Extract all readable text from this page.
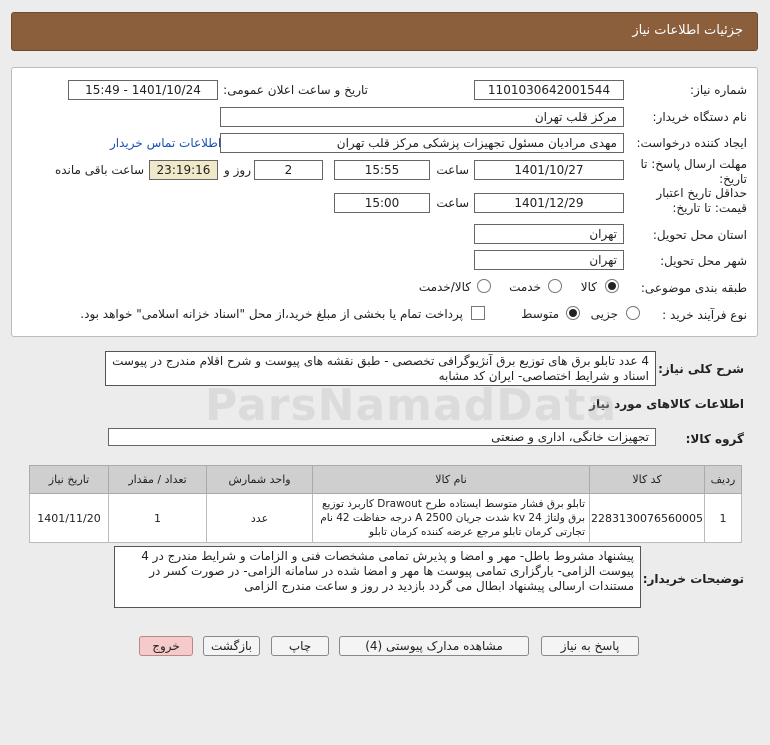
جزئیات اطلاعات نیاز
شماره نیاز:
1101030642001544
تاریخ و ساعت اعلان عمومی:
1401/10/24 - 15:49
نام دستگاه خریدار:
مرکز قلب تهران
ایجاد کننده درخواست:
مهدی مرادیان مسئول تجهیزات پزشکی مرکز قلب تهران
اطلاعات تماس خریدار
مهلت ارسال پاسخ: تا تاریخ:
1401/10/27
ساعت
15:55
2
روز و
23:19:16
ساعت باقی مانده
حداقل تاریخ اعتبار قیمت: تا تاریخ:
1401/12/29
ساعت
15:00
استان محل تحویل:
تهران
شهر محل تحویل:
تهران
طبقه بندی موضوعی:
کالا
خدمت
کالا/خدمت
نوع فرآیند خرید :
جزیی
متوسط
پرداخت تمام یا بخشی از مبلغ خرید،از محل "اسناد خزانه اسلامی" خواهد بود.
شرح کلی نیاز:
4 عدد تابلو برق های توزیع برق آنژیوگرافی تخصصی - طبق نقشه های پیوست و شرح اقلام مندرج در پیوست اسناد و شرایط اختصاصی- ایران کد مشابه
اطلاعات کالاهای مورد نیاز
گروه کالا:
تجهیزات خانگی، اداری و صنعتی
ردیف	کد کالا	نام کالا	واحد شمارش	تعداد / مقدار	تاریخ نیاز
1	2283130076560005	تابلو برق فشار متوسط ایستاده طرح Drawout کاربرد توزیع برق ولتاژ 24 kv شدت جریان 2500 A درجه حفاظت 42 نام تجارتی کرمان تابلو مرجع عرضه کننده کرمان تابلو	عدد	1	1401/11/20
توضیحات خریدار:
پیشنهاد مشروط باطل- مهر و امضا و پذیرش تمامی مشخصات فنی و الزامات و شرایط مندرج در 4 پیوست الزامی- بارگزاری تمامی پیوست ها مهر و امضا شده در سامانه الزامی- در صورت کسر در مستندات ارسالی پیشنهاد ابطال می گردد بازدید در روز و ساعت مندرج الزامی
پاسخ به نیاز
مشاهده مدارک پیوستی (4)
چاپ
بازگشت
خروج
ParsNamadData
